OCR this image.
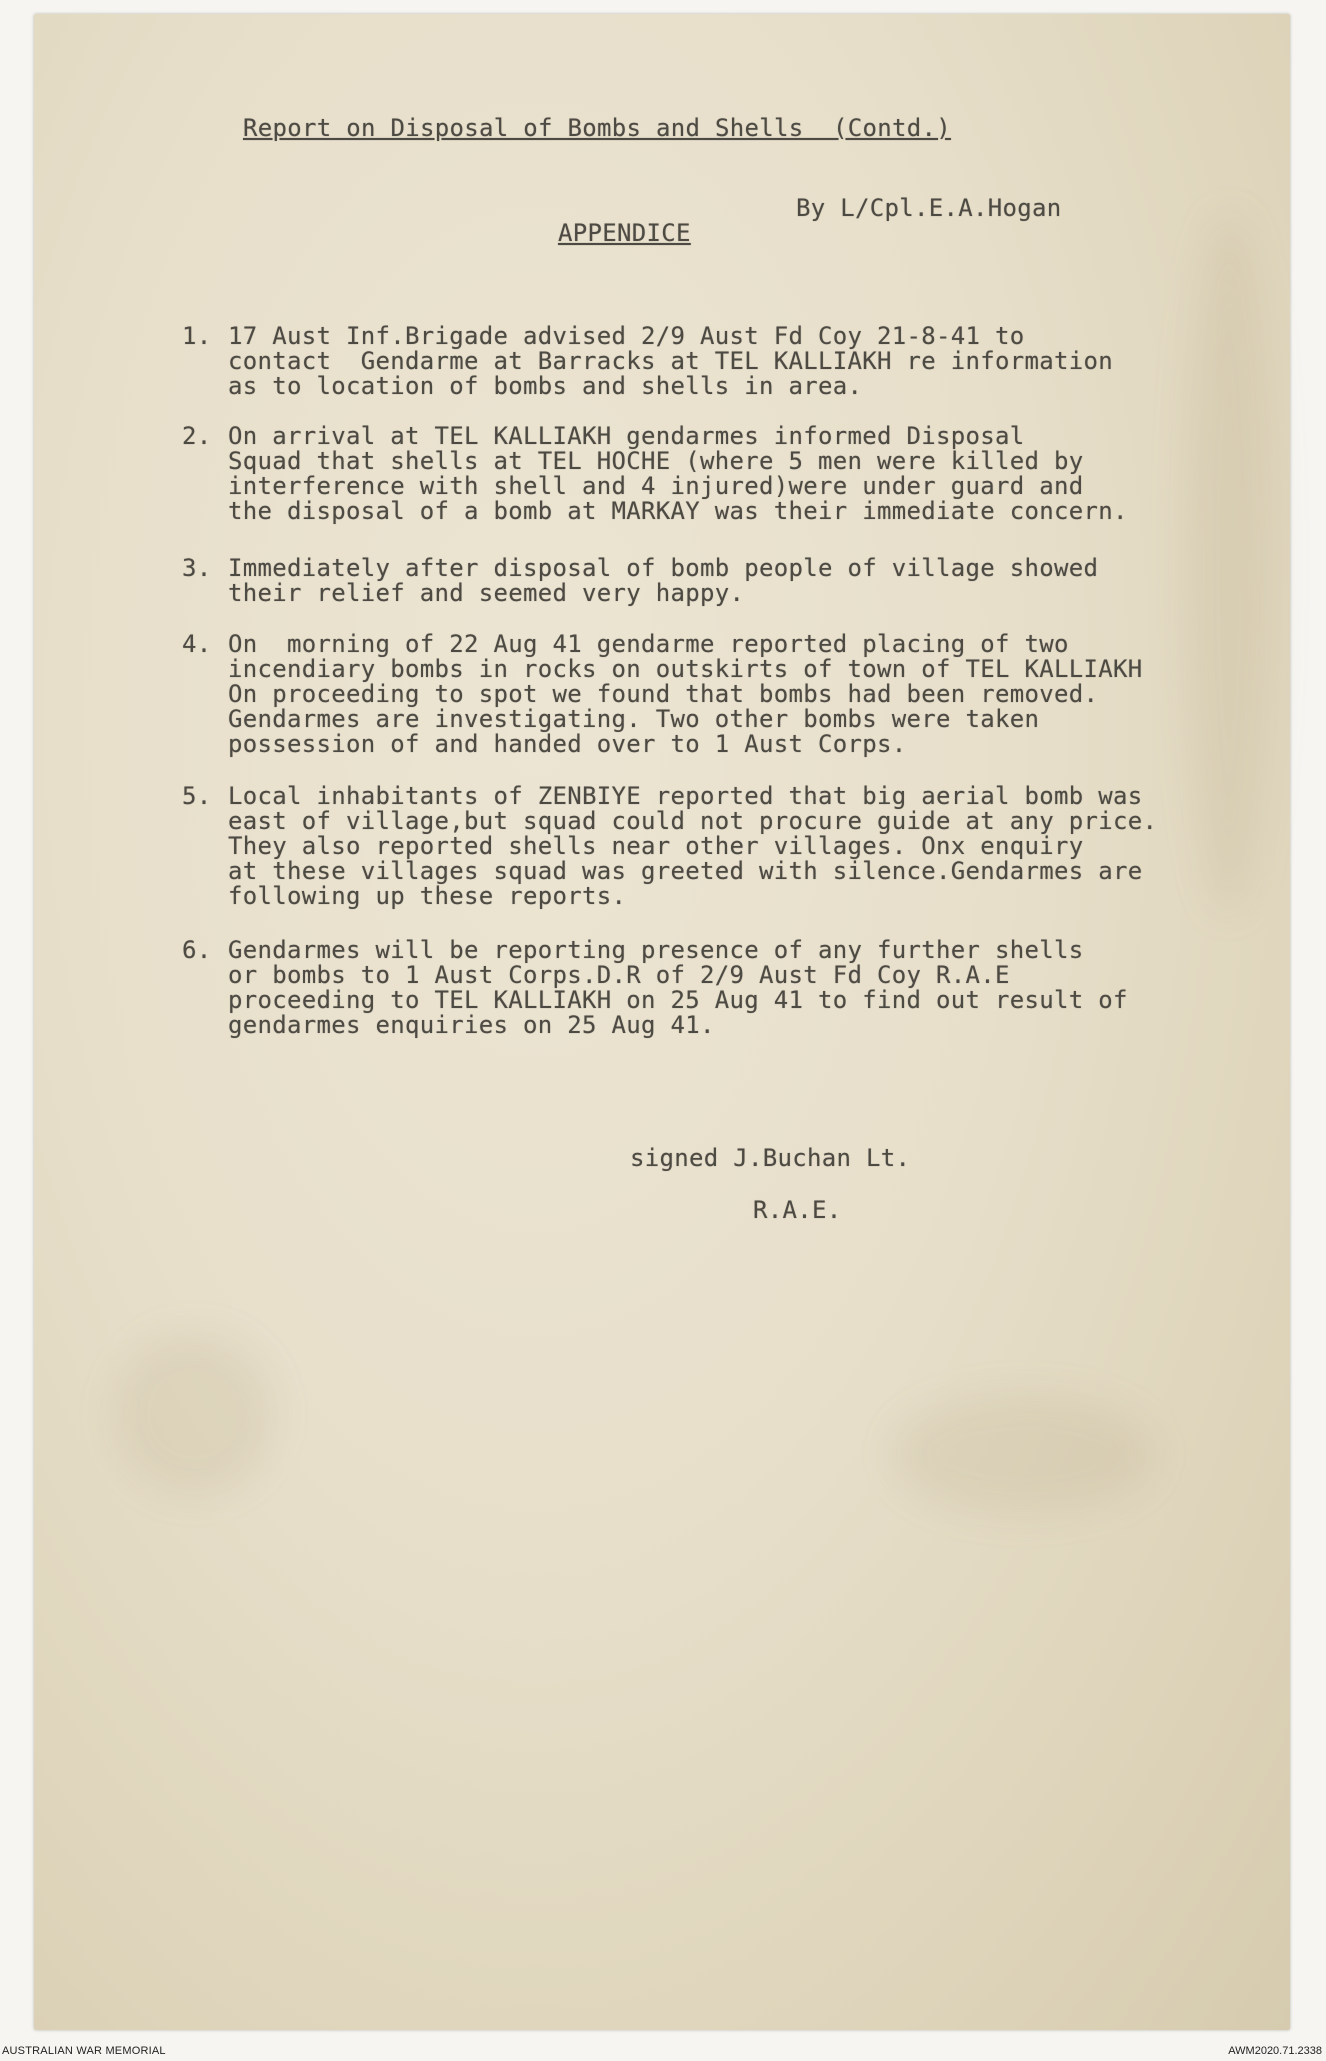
Report on Disposal of Bombs and Shells  (Contd.)

APPENDICE

By L/Cpl.E.A.Hogan
1. 17 Aust Inf.Brigade advised 2/9 Aust Fd Coy 21-8-41 to
contact  Gendarme at Barracks at TEL KALLIAKH re information
as to location of bombs and shells in area.
2. On arrival at TEL KALLIAKH gendarmes informed Disposal
Squad that shells at TEL HOCHE (where 5 men were killed by
interference with shell and 4 injured)were under guard and
the disposal of a bomb at MARKAY was their immediate concern.
3. Immediately after disposal of bomb people of village showed
their relief and seemed very happy.
4. On  morning of 22 Aug 41 gendarme reported placing of two
incendiary bombs in rocks on outskirts of town of TEL KALLIAKH
On proceeding to spot we found that bombs had been removed.
Gendarmes are investigating. Two other bombs were taken
possession of and handed over to 1 Aust Corps.
5. Local inhabitants of ZENBIYE reported that big aerial bomb was
east of village,but squad could not procure guide at any price.
They also reported shells near other villages. Onx enquiry
at these villages squad was greeted with silence.Gendarmes are
following up these reports.
6. Gendarmes will be reporting presence of any further shells
or bombs to 1 Aust Corps.D.R of 2/9 Aust Fd Coy R.A.E
proceeding to TEL KALLIAKH on 25 Aug 41 to find out result of
gendarmes enquiries on 25 Aug 41.
signed J.Buchan Lt.
R.A.E.
AUSTRALIAN WAR MEMORIAL	AWM2020.71.2338
